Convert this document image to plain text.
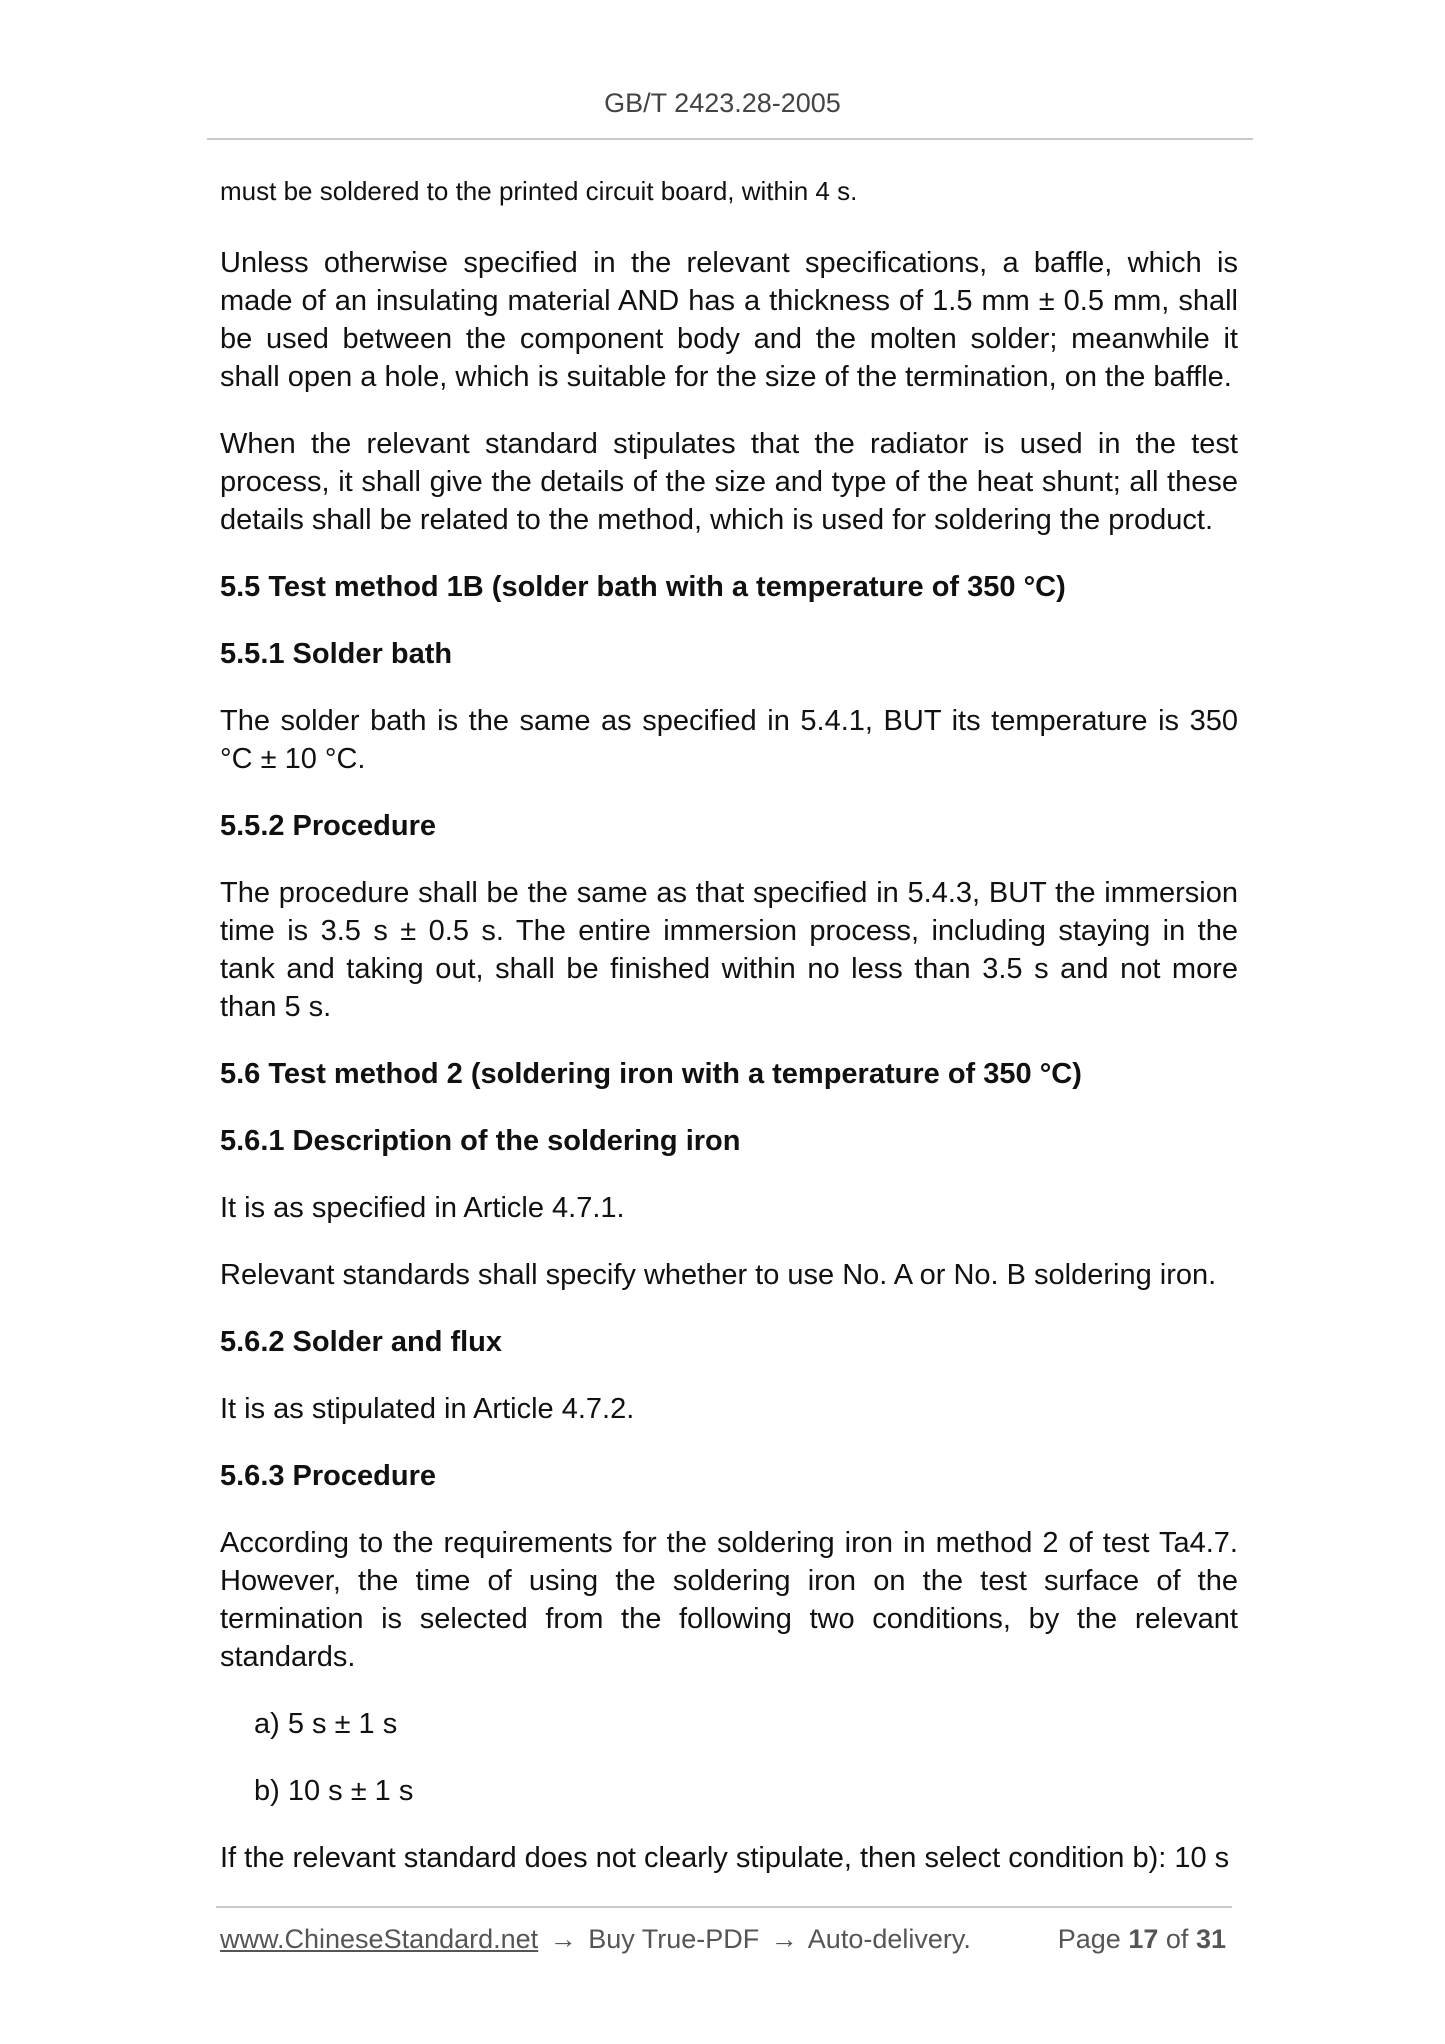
GB/T 2423.28-2005

must be soldered to the printed circuit board, within 4 s.

Unless otherwise specified in the relevant specifications, a baffle, which is made of an insulating material AND has a thickness of 1.5 mm ± 0.5 mm, shall be used between the component body and the molten solder; meanwhile it shall open a hole, which is suitable for the size of the termination, on the baffle.

When the relevant standard stipulates that the radiator is used in the test process, it shall give the details of the size and type of the heat shunt; all these details shall be related to the method, which is used for soldering the product.

5.5 Test method 1B (solder bath with a temperature of 350 °C)
5.5.1 Solder bath

The solder bath is the same as specified in 5.4.1, BUT its temperature is 350 °C ± 10 °C.

5.5.2 Procedure

The procedure shall be the same as that specified in 5.4.3, BUT the immersion time is 3.5 s ± 0.5 s. The entire immersion process, including staying in the tank and taking out, shall be finished within no less than 3.5 s and not more than 5 s.

5.6 Test method 2 (soldering iron with a temperature of 350 °C)
5.6.1 Description of the soldering iron

It is as specified in Article 4.7.1.

Relevant standards shall specify whether to use No. A or No. B soldering iron.

5.6.2 Solder and flux

It is as stipulated in Article 4.7.2.

5.6.3 Procedure

According to the requirements for the soldering iron in method 2 of test Ta4.7. However, the time of using the soldering iron on the test surface of the termination is selected from the following two conditions, by the relevant standards.

a) 5 s ± 1 s

b) 10 s ± 1 s

If the relevant standard does not clearly stipulate, then select condition b): 10 s

www.ChineseStandard.net → Buy True-PDF → Auto-delivery.	Page 17 of 31
